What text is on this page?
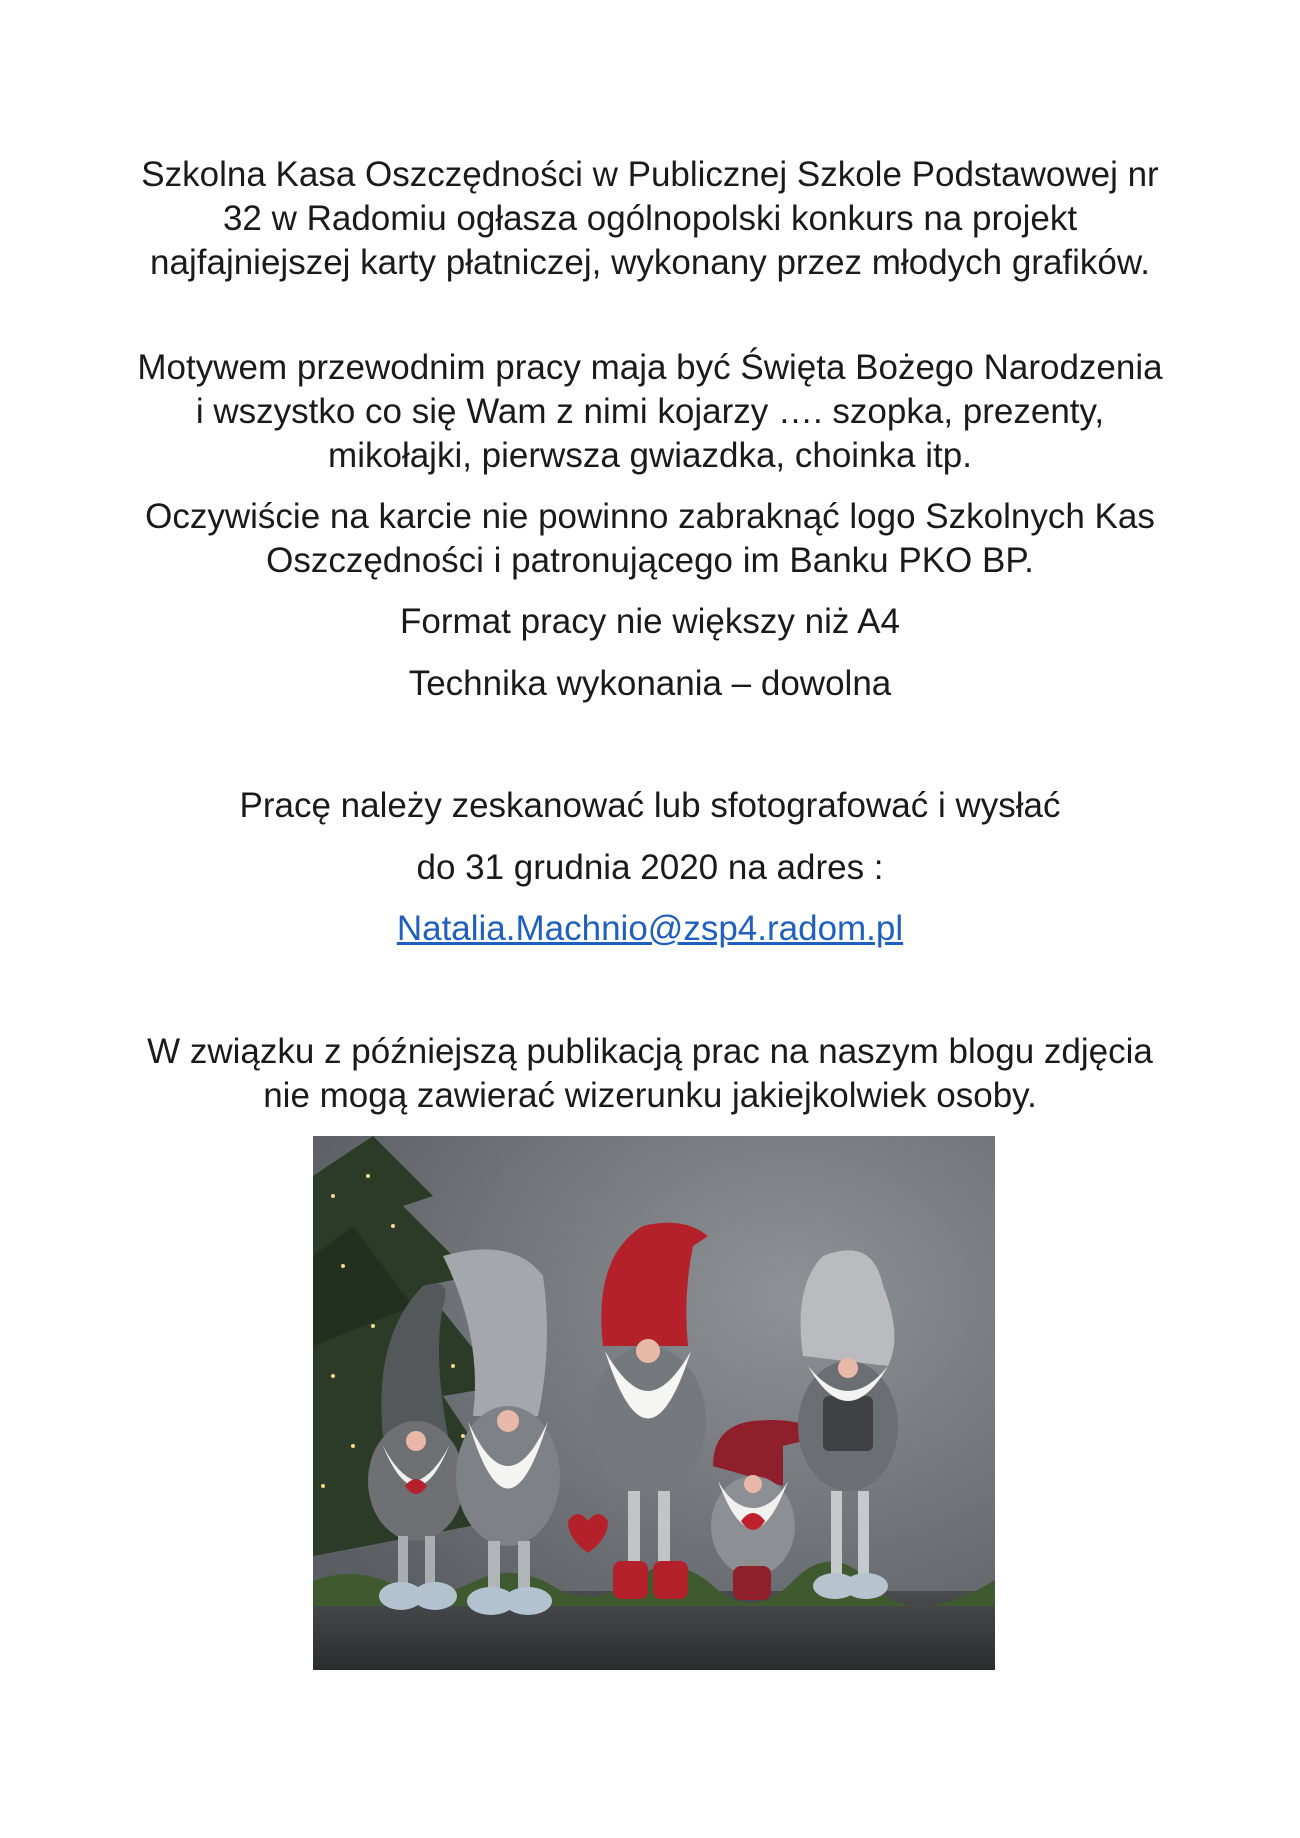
Szkolna Kasa Oszczędności w Publicznej Szkole Podstawowej nr 32 w Radomiu ogłasza ogólnopolski konkurs na projekt najfajniejszej karty płatniczej, wykonany przez młodych grafików.
Motywem przewodnim pracy maja być Święta Bożego Narodzenia i wszystko co się Wam z nimi kojarzy …. szopka, prezenty, mikołajki, pierwsza gwiazdka, choinka itp.
Oczywiście na karcie nie powinno zabraknąć logo Szkolnych Kas Oszczędności i patronującego im Banku PKO BP.
Format pracy nie większy niż A4
Technika wykonania – dowolna
Pracę należy zeskanować lub sfotografować i wysłać
do 31 grudnia 2020 na adres :
Natalia.Machnio@zsp4.radom.pl
W związku z późniejszą publikacją prac na naszym blogu zdjęcia nie mogą zawierać wizerunku jakiejkolwiek osoby.
